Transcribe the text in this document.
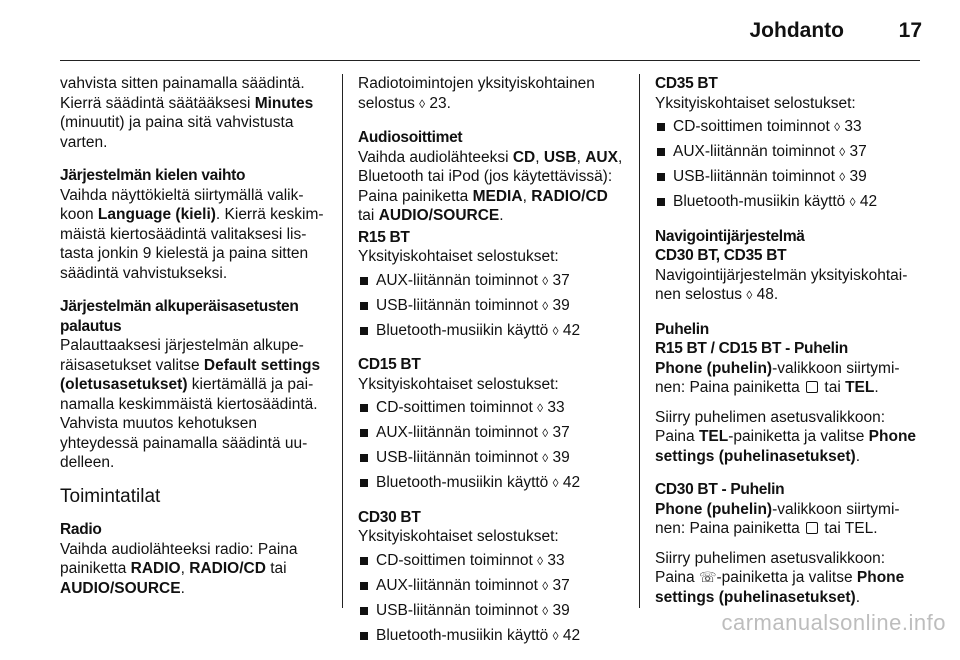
Johdanto	17

vahvista sitten painamalla säädintä. Kierrä säädintä säätääksesi Minutes (minuutit) ja paina sitä vahvistusta varten.

Järjestelmän kielen vaihto

Vaihda näyttökieltä siirtymällä valikkoon Language (kieli). Kierrä keskimmäistä kiertosäädintä valitaksesi listasta jonkin 9 kielestä ja paina sitten säädintä vahvistukseksi.

Järjestelmän alkuperäisasetusten palautus

Palauttaaksesi järjestelmän alkuperäisasetukset valitse Default settings (oletusasetukset) kiertämällä ja painamalla keskimmäistä kiertosäädintä. Vahvista muutos kehotuksen yhteydessä painamalla säädintä uudelleen.

Toimintatilat
Radio

Vaihda audiolähteeksi radio: Paina painiketta RADIO, RADIO/CD tai AUDIO/SOURCE.

Radiotoimintojen yksityiskohtainen selostus ◊ 23.

Audiosoittimet

Vaihda audiolähteeksi CD, USB, AUX, Bluetooth tai iPod (jos käytettävissä): Paina painiketta MEDIA, RADIO/CD tai AUDIO/SOURCE.

R15 BT
Yksityiskohtaiset selostukset:
AUX-liitännän toiminnot ◊ 37
USB-liitännän toiminnot ◊ 39
Bluetooth-musiikin käyttö ◊ 42
CD15 BT
Yksityiskohtaiset selostukset:
CD-soittimen toiminnot ◊ 33
AUX-liitännän toiminnot ◊ 37
USB-liitännän toiminnot ◊ 39
Bluetooth-musiikin käyttö ◊ 42
CD30 BT
Yksityiskohtaiset selostukset:
CD-soittimen toiminnot ◊ 33
AUX-liitännän toiminnot ◊ 37
USB-liitännän toiminnot ◊ 39
Bluetooth-musiikin käyttö ◊ 42
CD35 BT
Yksityiskohtaiset selostukset:
CD-soittimen toiminnot ◊ 33
AUX-liitännän toiminnot ◊ 37
USB-liitännän toiminnot ◊ 39
Bluetooth-musiikin käyttö ◊ 42
Navigointijärjestelmä
CD30 BT, CD35 BT

Navigointijärjestelmän yksityiskohtainen selostus ◊ 48.

Puhelin
R15 BT / CD15 BT - Puhelin

Phone (puhelin)-valikkoon siirtyminen: Paina painiketta  tai TEL.

Siirry puhelimen asetusvalikkoon: Paina TEL-painiketta ja valitse Phone settings (puhelinasetukset).

CD30 BT - Puhelin

Phone (puhelin)-valikkoon siirtyminen: Paina painiketta  tai TEL.

Siirry puhelimen asetusvalikkoon: Paina ☏-painiketta ja valitse Phone settings (puhelinasetukset).

carmanualsonline.info
